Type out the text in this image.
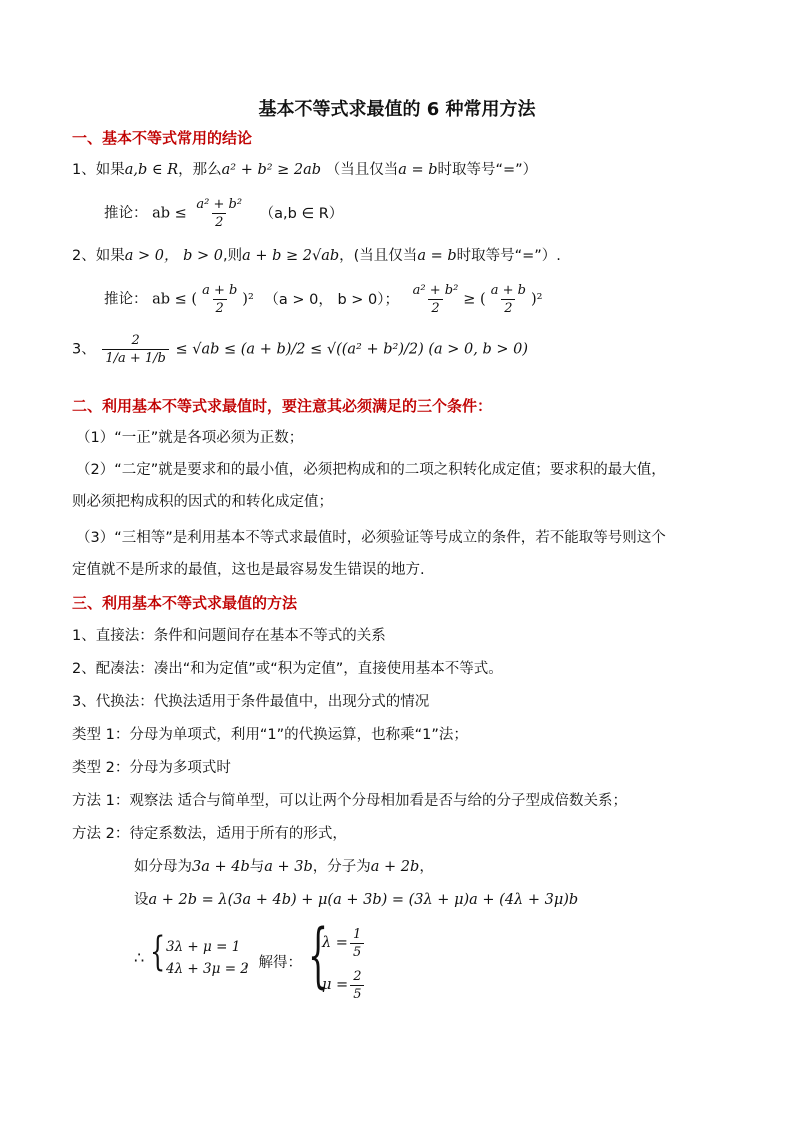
基本不等式求最值的 6 种常用方法
一、基本不等式常用的结论
1、如果a,b ∈ R，那么a² + b² ≥ 2ab （当且仅当a = b时取等号“=”）
推论： ab ≤ $\frac{\text{a² + b²}}{2} (a,b$ ∈ R）
2、如果a > 0， b > 0,则a + b ≥ 2√ab，(当且仅当a = b时取等号“=”）.
推论： ab ≤ ( $\frac{a + b}{2} )^2$ （a > 0， b > 0）； $\frac{\text{a² + b²}}{2}$ ≥ ( $\frac{a + b}{2} )^2$
3、 $\frac{2}{1/a + 1/b} \le √ab \le (a + b)/2 \le √((a^2 + b^2)/2) (a > 0$, b > 0)
二、利用基本不等式求最值时，要注意其必须满足的三个条件：
（1）“一正”就是各项必须为正数；
（2）“二定”就是要求和的最小值，必须把构成和的二项之积转化成定值；要求积的最大值，
则必须把构成积的因式的和转化成定值；
（3）“三相等”是利用基本不等式求最值时，必须验证等号成立的条件，若不能取等号则这个
定值就不是所求的最值，这也是最容易发生错误的地方.
三、利用基本不等式求最值的方法
1、直接法：条件和问题间存在基本不等式的关系
2、配凑法：凑出“和为定值”或“积为定值”，直接使用基本不等式。
3、代换法：代换法适用于条件最值中，出现分式的情况
类型 1：分母为单项式，利用“1”的代换运算，也称乘“1”法；
类型 2：分母为多项式时
方法 1：观察法 适合与简单型，可以让两个分母相加看是否与给的分子型成倍数关系；
方法 2：待定系数法，适用于所有的形式，
如分母为3a + 4b与a + 3b，分子为a + 2b，
设a + 2b = λ(3a + 4b) + μ(a + 3b) = (3λ + μ)a + (4λ + 3μ)b
∴ { 3λ + μ = 1
4λ + 3μ = 2
，解得： {
$\lambda = \frac{1}{5}$
$\mu = \frac{2}{5}$
